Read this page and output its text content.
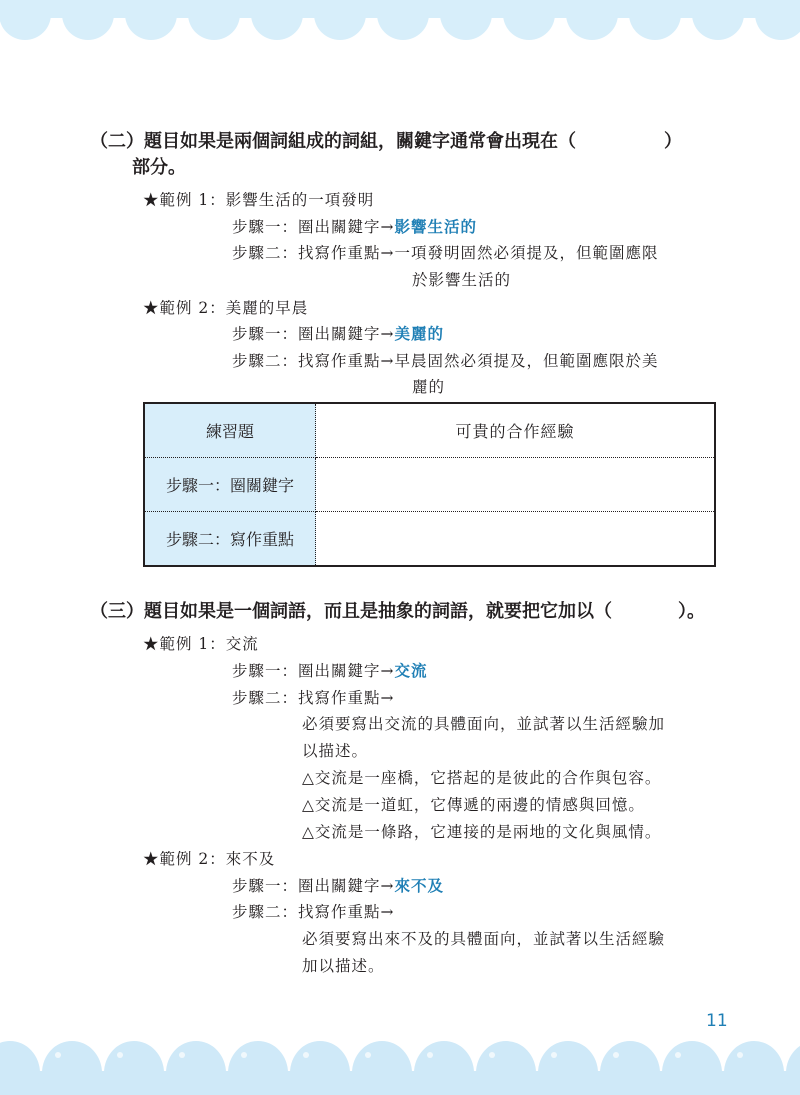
（二）題目如果是兩個詞組成的詞組，關鍵字通常會出現在（	）
部分。
★範例 1：影響生活的一項發明
步驟一：圈出關鍵字→影響生活的
步驟二：找寫作重點→一項發明固然必須提及，但範圍應限
於影響生活的
★範例 2：美麗的早晨
步驟一：圈出關鍵字→美麗的
步驟二：找寫作重點→早晨固然必須提及，但範圍應限於美
麗的
練習題	可貴的合作經驗
步驟一：圈關鍵字	
步驟二：寫作重點	
（三）題目如果是一個詞語，而且是抽象的詞語，就要把它加以（	）。
★範例 1：交流
步驟一：圈出關鍵字→交流
步驟二：找寫作重點→
必須要寫出交流的具體面向，並試著以生活經驗加
以描述。
△交流是一座橋，它搭起的是彼此的合作與包容。
△交流是一道虹，它傳遞的兩邊的情感與回憶。
△交流是一條路，它連接的是兩地的文化與風情。
★範例 2：來不及
步驟一：圈出關鍵字→來不及
步驟二：找寫作重點→
必須要寫出來不及的具體面向，並試著以生活經驗
加以描述。
11
